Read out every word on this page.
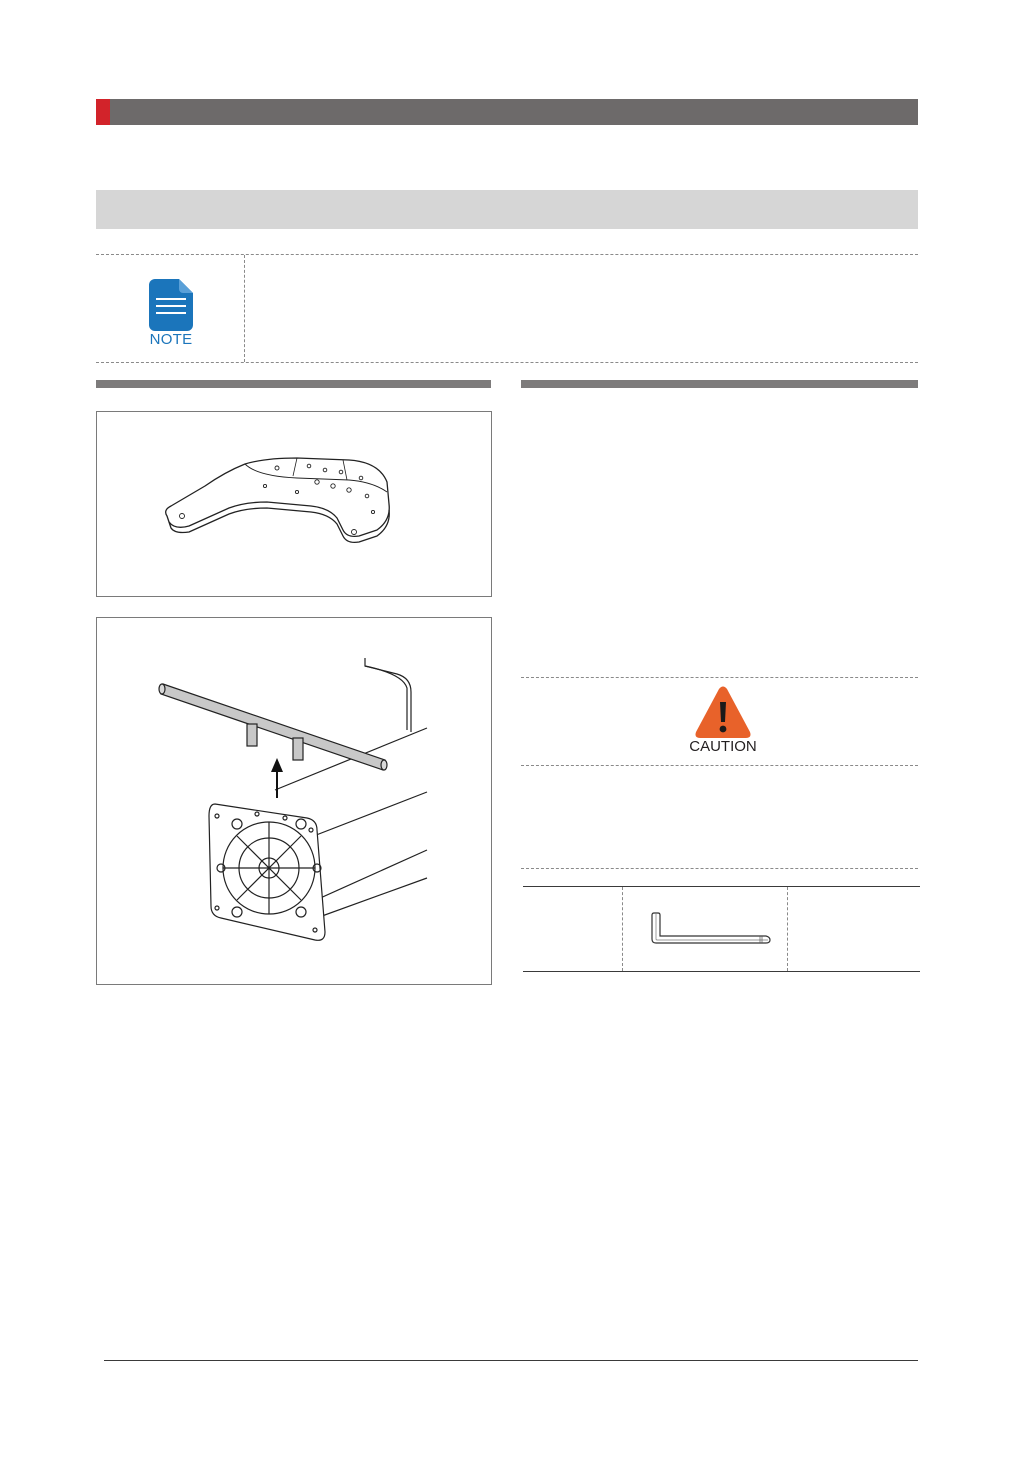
NOTE
CAUTION
